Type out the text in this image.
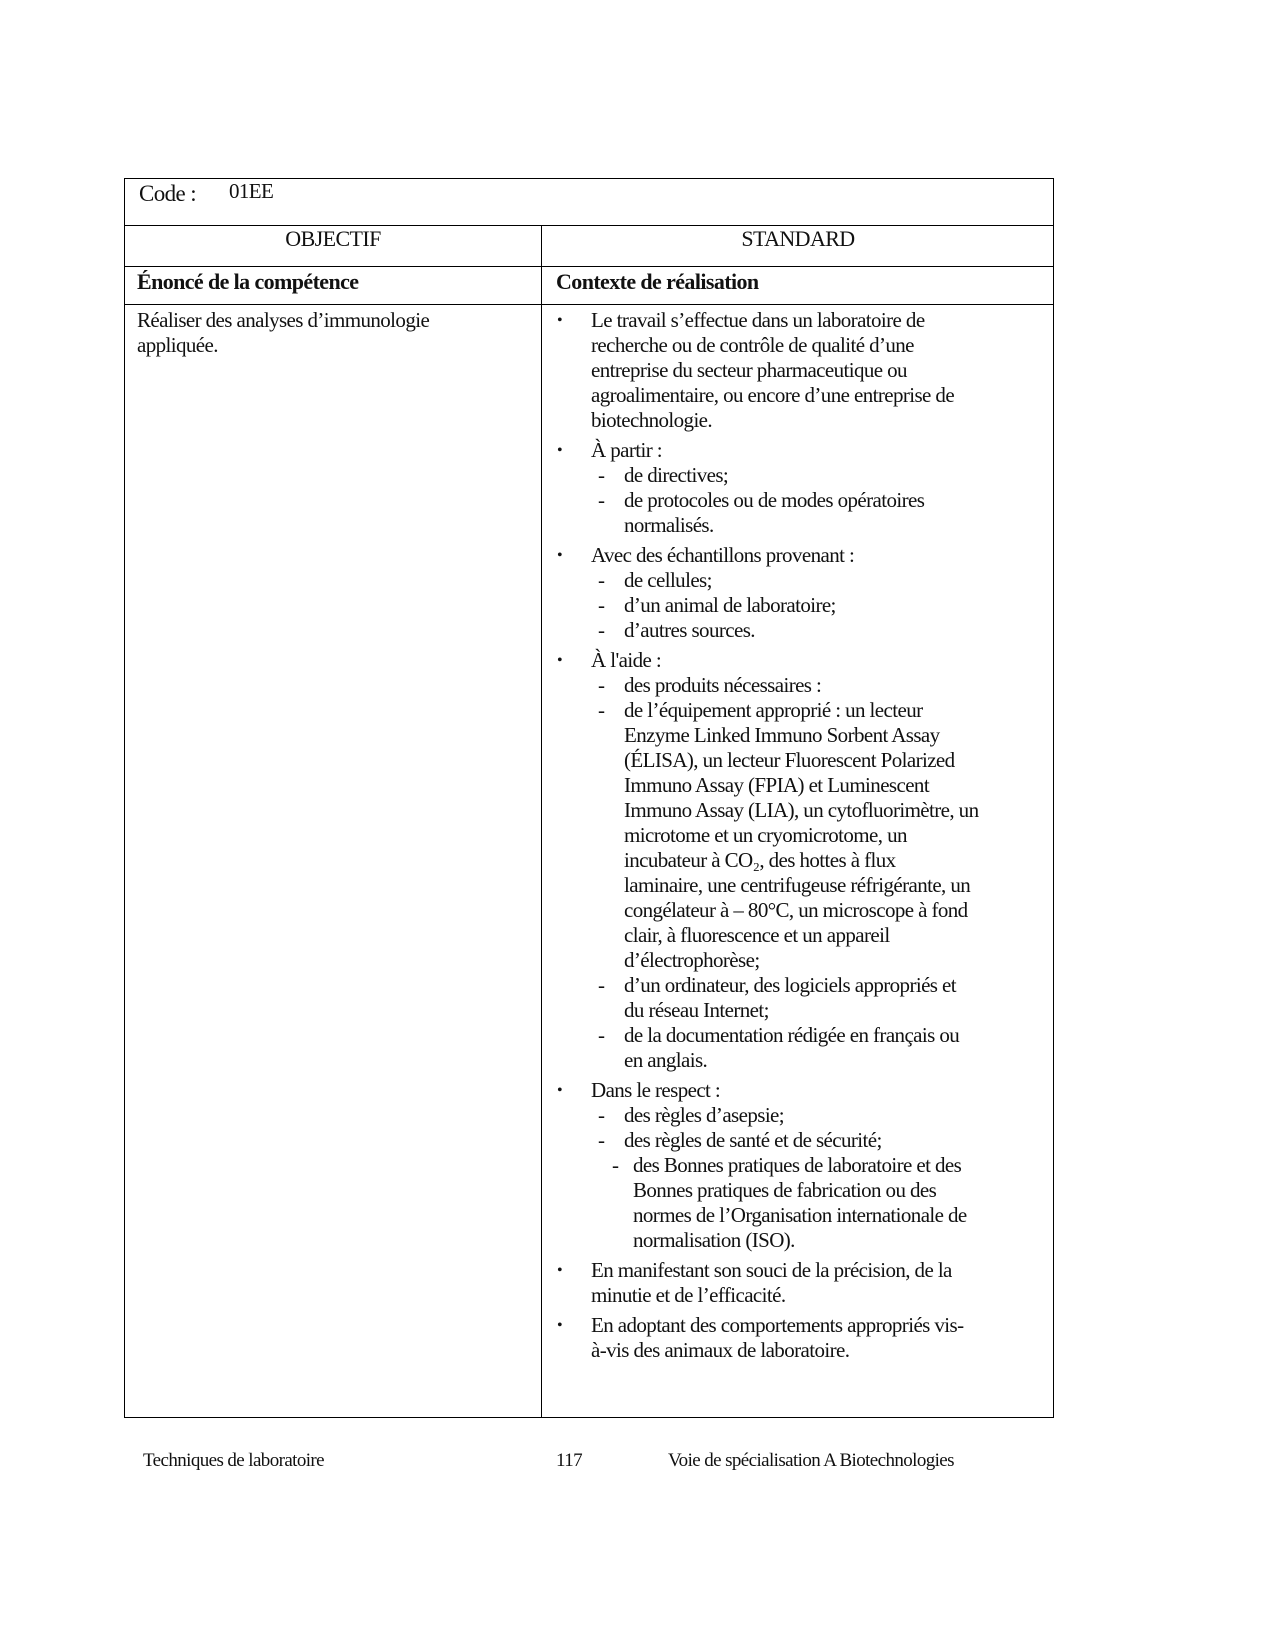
Code : 01EE
OBJECTIF	STANDARD
Énoncé de la compétence	Contexte de réalisation
Réaliser des analyses d’immunologie
appliquée.
•	Le travail s’effectue dans un laboratoire de
recherche ou de contrôle de qualité d’une
entreprise du secteur pharmaceutique ou
agroalimentaire, ou encore d’une entreprise de
biotechnologie.
•	À partir :
- de directives;
- de protocoles ou de modes opératoires
normalisés.
•	Avec des échantillons provenant :
- de cellules;
- d’un animal de laboratoire;
- d’autres sources.
•	À l'aide :
- des produits nécessaires :
- de l’équipement approprié : un lecteur
Enzyme Linked Immuno Sorbent Assay
(ÉLISA), un lecteur Fluorescent Polarized
Immuno Assay (FPIA) et Luminescent
Immuno Assay (LIA), un cytofluorimètre, un
microtome et un cryomicrotome, un
incubateur à CO₂, des hottes à flux
laminaire, une centrifugeuse réfrigérante, un
congélateur à – 80°C, un microscope à fond
clair, à fluorescence et un appareil
d’électrophorèse;
- d’un ordinateur, des logiciels appropriés et
du réseau Internet;
- de la documentation rédigée en français ou
en anglais.
•	Dans le respect :
- des règles d’asepsie;
- des règles de santé et de sécurité;
- des Bonnes pratiques de laboratoire et des
Bonnes pratiques de fabrication ou des
normes de l’Organisation internationale de
normalisation (ISO).
•	En manifestant son souci de la précision, de la
minutie et de l’efficacité.
•	En adoptant des comportements appropriés vis-
à-vis des animaux de laboratoire.
Techniques de laboratoire	117	Voie de spécialisation A Biotechnologies
